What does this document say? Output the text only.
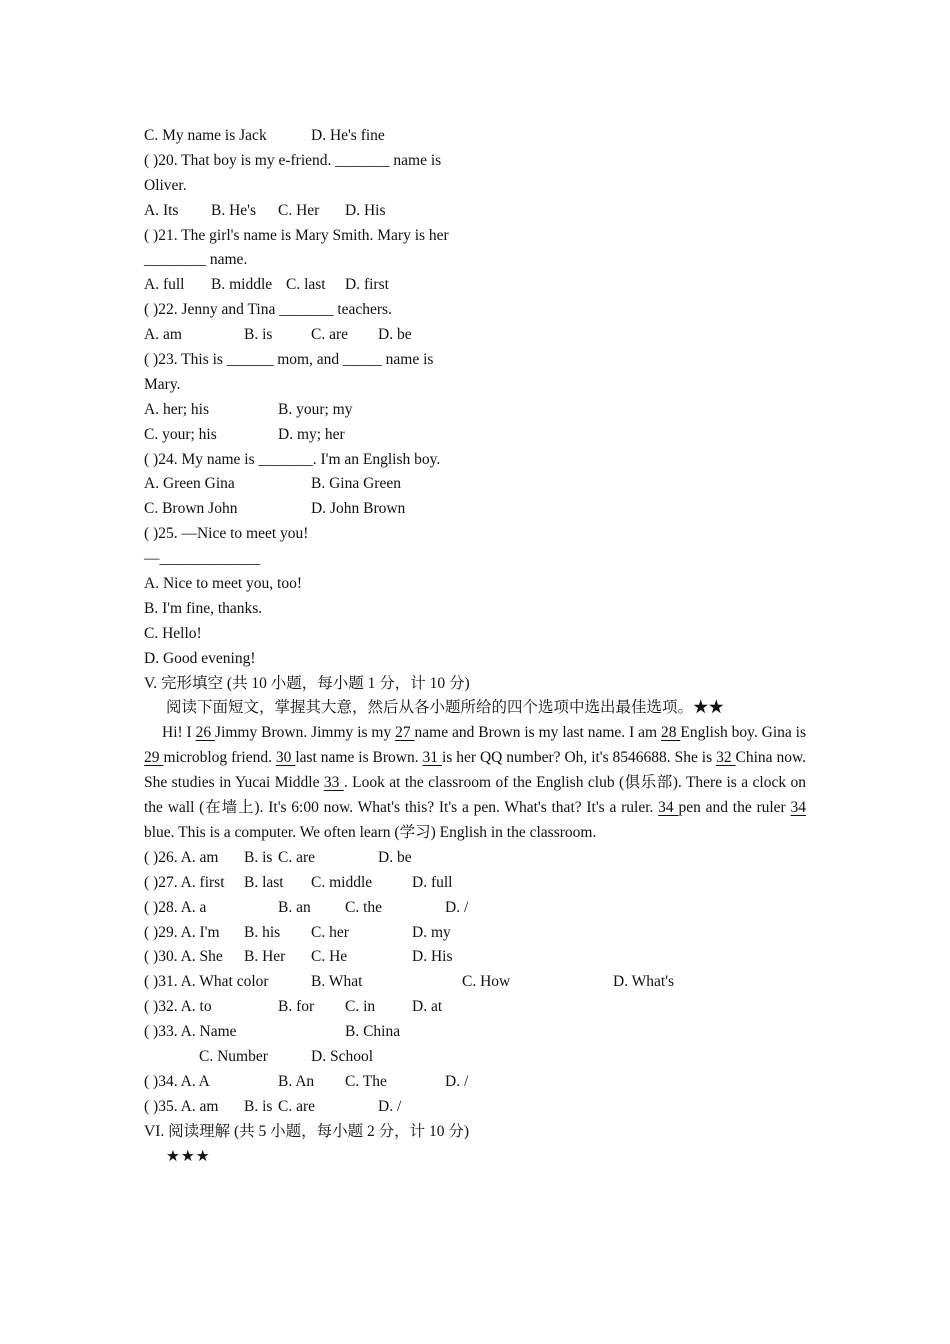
C. My name is Jack	D. He's fine
( )20. That boy is my e-friend. _______ name is
Oliver.
A. Its B. He's C. Her D. His
( )21. The girl's name is Mary Smith. Mary is her
________ name.
A. full B. middle C. last D. first
( )22. Jenny and Tina _______ teachers.
A. am	B. is C. are D. be
( )23. This is ______ mom, and _____ name is
Mary.
A. her; his	B. your; my
C. your; his	D. my; her
( )24. My name is _______. I'm an English boy.
A. Green Gina	B. Gina Green
C. Brown John	D. John Brown
( )25. —Nice to meet you!
—_____________
A. Nice to meet you, too!
B. I'm fine, thanks.
C. Hello!
D. Good evening!
V. 完形填空 (共 10 小题，每小题 1 分，计 10 分)
阅读下面短文，掌握其大意，然后从各小题所给的四个选项中选出最佳选项。★★
Hi! I 26 Jimmy Brown. Jimmy is my 27 name and Brown is my last name. I am 28 English boy. Gina is 29 microblog friend. 30 last name is Brown. 31 is her QQ number? Oh, it's 8546688. She is 32 China now. She studies in Yucai Middle 33 . Look at the classroom of the English club (俱乐部). There is a clock on the wall (在墙上). It's 6:00 now. What's this? It's a pen. What's that? It's a ruler. 34 pen and the ruler 34 blue. This is a computer. We often learn (学习) English in the classroom.
( )26. A. am B. is C. are	D. be
( )27. A. first B. last C. middle	D. full
( )28. A. a	B. an C. the	D. /
( )29. A. I'm B. his C. her	D. my
( )30. A. She B. Her C. He	D. His
( )31. A. What color	B. What	C. How	D. What's
( )32. A. to	B. for C. in D. at
( )33. A. Name	B. China
C. Number	D. School
( )34. A. A	B. An C. The	D. /
( )35. A. am B. is C. are	D. /
VI. 阅读理解 (共 5 小题，每小题 2 分，计 10 分)
★★★
